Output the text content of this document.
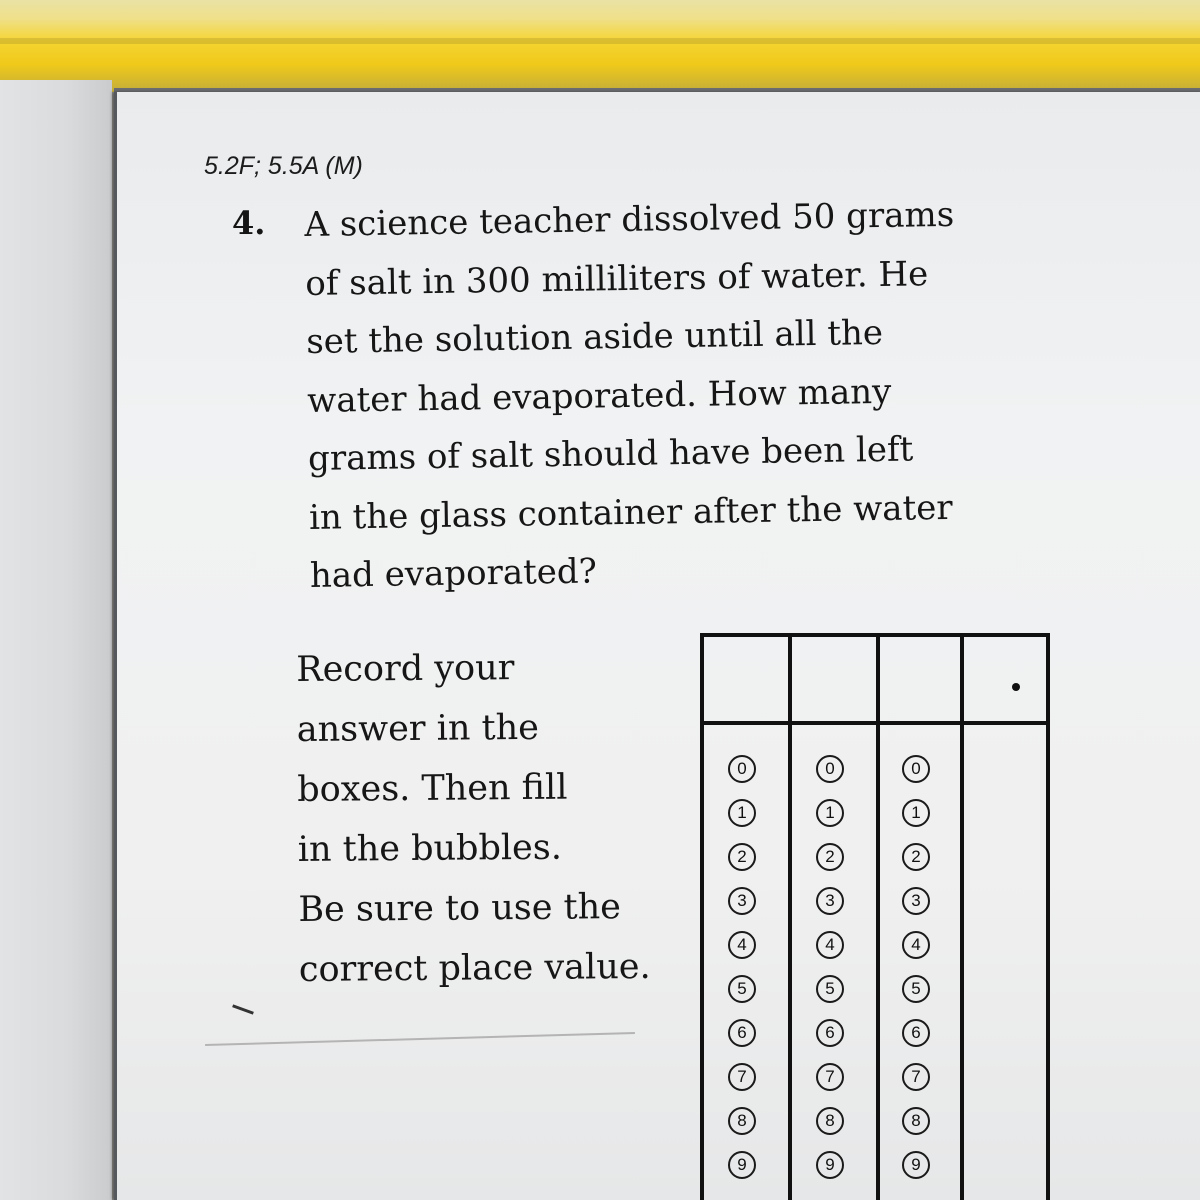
5.2F; 5.5A (M)
4. A science teacher dissolved 50 grams
of salt in 300 milliliters of water. He
set the solution aside until all the
water had evaporated. How many
grams of salt should have been left
in the glass container after the water
had evaporated?
Record your
answer in the
boxes. Then fill
in the bubbles.
Be sure to use the
correct place value.
0
1
2
3
4
5
6
7
8
9
0
1
2
3
4
5
6
7
8
9
0
1
2
3
4
5
6
7
8
9
